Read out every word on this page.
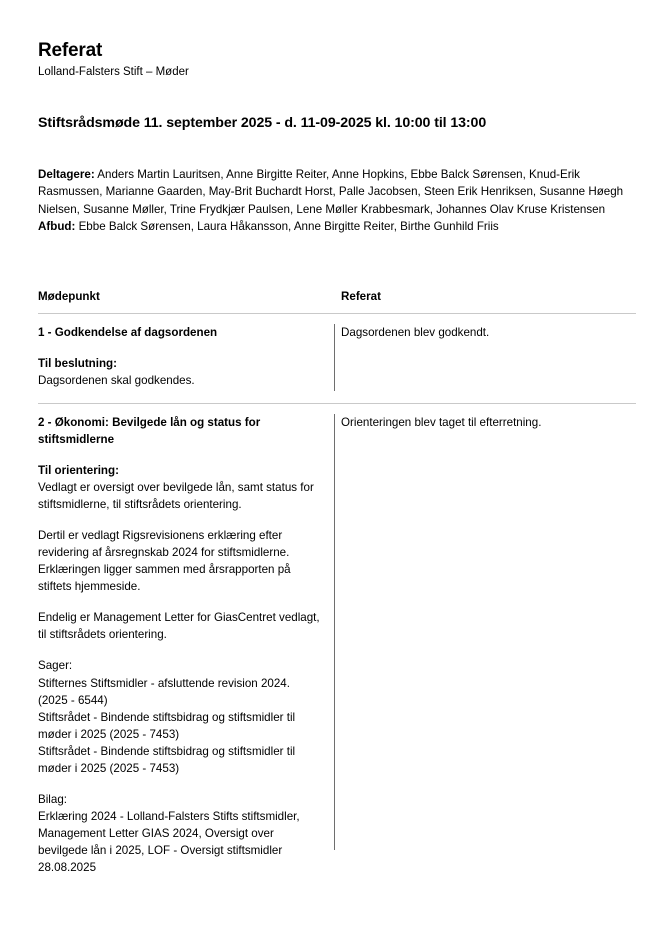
Referat

Lolland-Falsters Stift – Møder

Stiftsrådsmøde 11. september 2025 - d. 11-09-2025 kl. 10:00 til 13:00

Deltagere: Anders Martin Lauritsen, Anne Birgitte Reiter, Anne Hopkins, Ebbe Balck Sørensen, Knud-Erik Rasmussen, Marianne Gaarden, May-Brit Buchardt Horst, Palle Jacobsen, Steen Erik Henriksen, Susanne Høegh Nielsen, Susanne Møller, Trine Frydkjær Paulsen, Lene Møller Krabbesmark, Johannes Olav Kruse Kristensen

Afbud: Ebbe Balck Sørensen, Laura Håkansson, Anne Birgitte Reiter, Birthe Gunhild Friis

Mødepunkt	Referat

1 - Godkendelse af dagsordenen

Til beslutning:

Dagsordenen skal godkendes.

Dagsordenen blev godkendt.

2 - Økonomi: Bevilgede lån og status for stiftsmidlerne

Til orientering:

Vedlagt er oversigt over bevilgede lån, samt status for stiftsmidlerne, til stiftsrådets orientering.

Dertil er vedlagt Rigsrevisionens erklæring efter revidering af årsregnskab 2024 for stiftsmidlerne. Erklæringen ligger sammen med årsrapporten på stiftets hjemmeside.

Endelig er Management Letter for GiasCentret vedlagt, til stiftsrådets orientering.

Sager:

Stifternes Stiftsmidler - afsluttende revision 2024. (2025 - 6544)

Stiftsrådet - Bindende stiftsbidrag og stiftsmidler til møder i 2025 (2025 - 7453)

Stiftsrådet - Bindende stiftsbidrag og stiftsmidler til møder i 2025 (2025 - 7453)

Bilag:

Erklæring 2024 - Lolland-Falsters Stifts stiftsmidler, Management Letter GIAS 2024, Oversigt over bevilgede lån i 2025, LOF - Oversigt stiftsmidler 28.08.2025

Orienteringen blev taget til efterretning.
